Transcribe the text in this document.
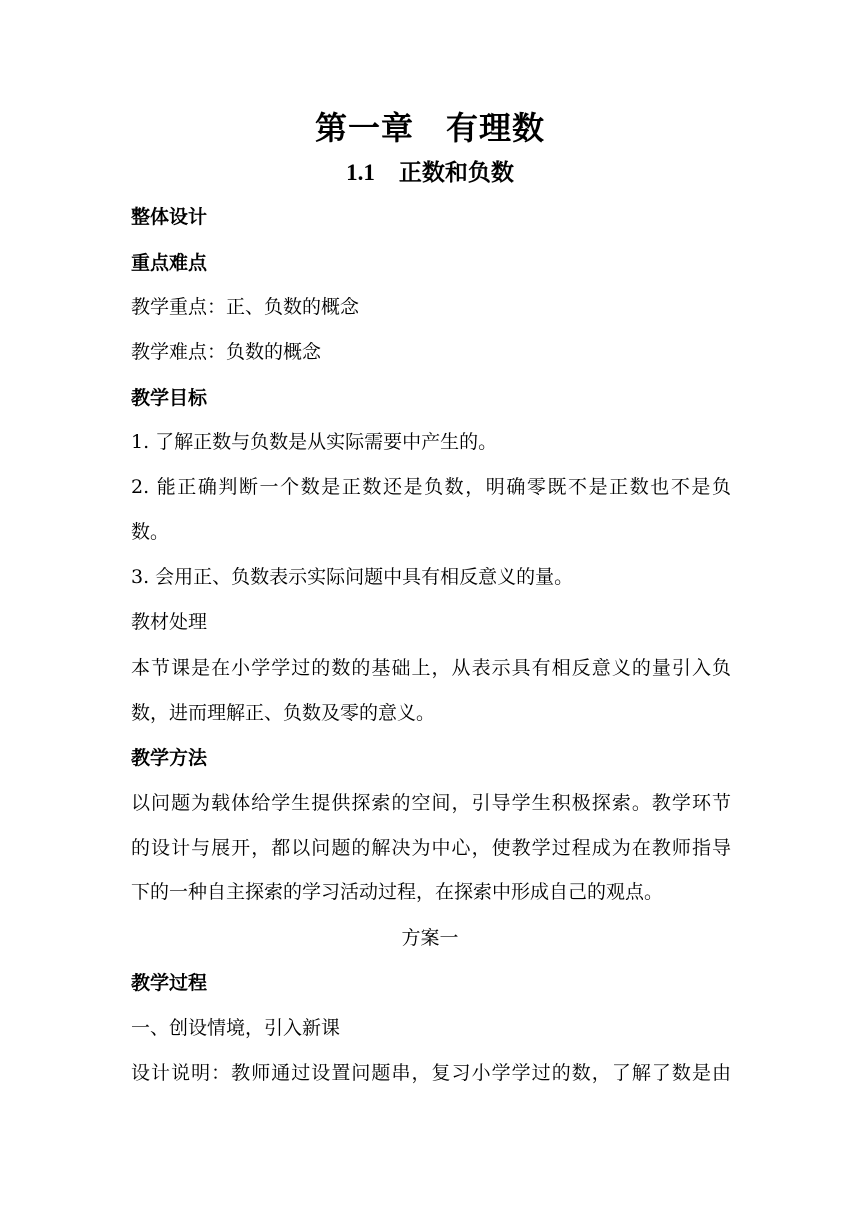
第一章 有理数
1.1 正数和负数
整体设计
重点难点
教学重点：正、负数的概念
教学难点：负数的概念
教学目标
1. 了解正数与负数是从实际需要中产生的。
2. 能正确判断一个数是正数还是负数，明确零既不是正数也不是负
数。
3. 会用正、负数表示实际问题中具有相反意义的量。
教材处理
本节课是在小学学过的数的基础上，从表示具有相反意义的量引入负
数，进而理解正、负数及零的意义。
教学方法
以问题为载体给学生提供探索的空间，引导学生积极探索。教学环节
的设计与展开，都以问题的解决为中心，使教学过程成为在教师指导
下的一种自主探索的学习活动过程，在探索中形成自己的观点。
方案一
教学过程
一、创设情境，引入新课
设计说明：教师通过设置问题串，复习小学学过的数，了解了数是由
